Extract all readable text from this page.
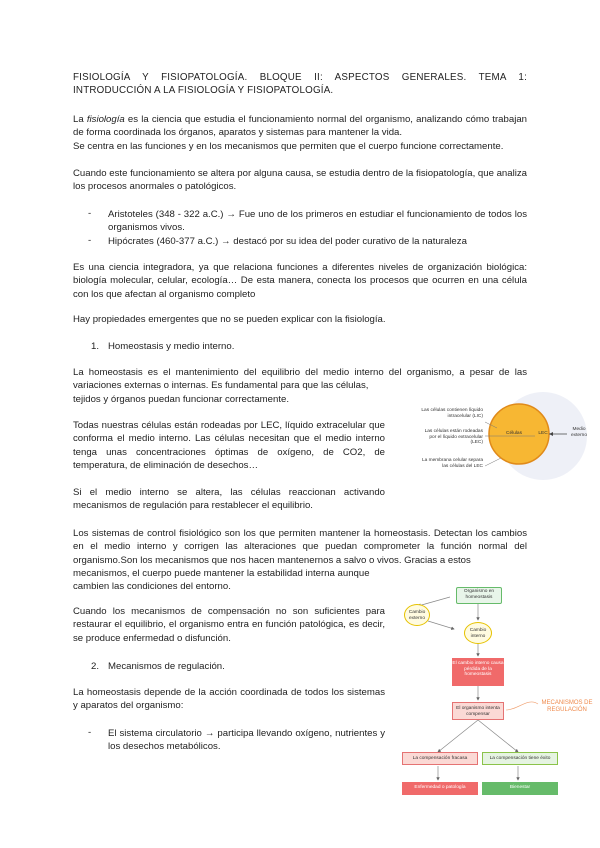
FISIOLOGÍA Y FISIOPATOLOGÍA. BLOQUE II: ASPECTOS GENERALES. TEMA 1:
INTRODUCCIÓN A LA FISIOLOGÍA Y FISIOPATOLOGÍA.
La fisiología es la ciencia que estudia el funcionamiento normal del organismo, analizando cómo trabajan de forma coordinada los órganos, aparatos y sistemas para mantener la vida.
Se centra en las funciones y en los mecanismos que permiten que el cuerpo funcione correctamente.
Cuando este funcionamiento se altera por alguna causa, se estudia dentro de la fisiopatología, que analiza los procesos anormales o patológicos.
- Aristoteles (348 - 322 a.C.) → Fue uno de los primeros en estudiar el funcionamiento de todos los organismos vivos.
- Hipócrates (460-377 a.C.) → destacó por su idea del poder curativo de la naturaleza
Es una ciencia integradora, ya que relaciona funciones a diferentes niveles de organización biológica: biología molecular, celular, ecología… De esta manera, conecta los procesos que ocurren en una célula con los que afectan al organismo completo
Hay propiedades emergentes que no se pueden explicar con la fisiología.
1. Homeostasis y medio interno.
La homeostasis es el mantenimiento del equilibrio del medio interno del organismo, a pesar de las variaciones externas o internas. Es fundamental para que las células,
tejidos y órganos puedan funcionar correctamente.
Todas nuestras células están rodeadas por LEC, líquido extracelular que conforma el medio interno. Las células necesitan que el medio interno tenga unas concentraciones óptimas de oxígeno, de CO2, de temperatura, de eliminación de desechos…
Si el medio interno se altera, las células reaccionan activando mecanismos de regulación para restablecer el equilibrio.
Los sistemas de control fisiológico son los que permiten mantener la homeostasis. Detectan los cambios en el medio interno y corrigen las alteraciones que puedan comprometer la función normal del organismo.Son los mecanismos que nos hacen mantenernos a salvo o vivos. Gracias a estos
mecanismos, el cuerpo puede mantener la estabilidad interna aunque
cambien las condiciones del entorno.
Cuando los mecanismos de compensación no son suficientes para restaurar el equilibrio, el organismo entra en función patológica, es decir, se produce enfermedad o disfunción.
2. Mecanismos de regulación.
La homeostasis depende de la acción coordinada de todos los sistemas y aparatos del organismo:
- El sistema circulatorio → participa llevando oxígeno, nutrientes y los desechos metabólicos.
Las células contienen líquido intracelular (LIC)
Las células están rodeadas por el líquido extracelular (LEC)
La membrana celular separa las células del LEC
Células	LEC
Medio externo
Organismo en homeostasis
Cambio externo
Cambio interno
El cambio interno causa pérdida de la homeostasis
El organismo intenta compensar
MECANISMOS DE REGULACIÓN
La compensación fracasa	La compensación tiene éxito
Enfermedad o patología	Bienestar
